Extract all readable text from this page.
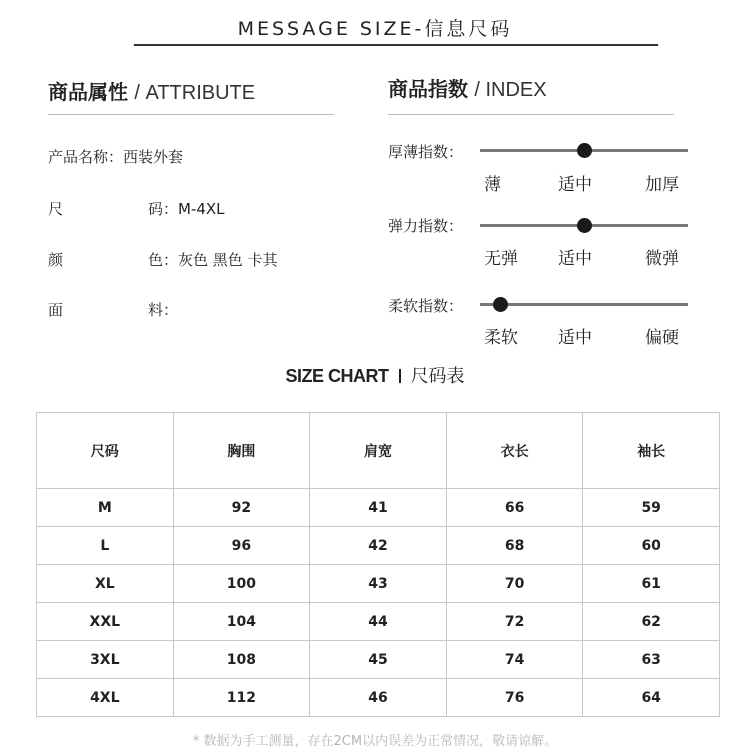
MESSAGE SIZE-信息尺码
商品属性 / ATTRIBUTE
产品名称：西装外套
尺	码：M-4XL
颜	色：灰色 黑色 卡其
面	料：
商品指数 / INDEX
厚薄指数：
薄	适中	加厚
弹力指数：
无弹 适中	微弹
柔软指数：
柔软 适中	偏硬
SIZE CHART 尺码表
尺码	胸围	肩宽	衣长	袖长
M	92	41	66	59
L	96	42	68	60
XL	100	43	70	61
XXL	104	44	72	62
3XL	108	45	74	63
4XL	112	46	76	64
* 数据为手工测量，存在2CM以内误差为正常情况，敬请谅解。
